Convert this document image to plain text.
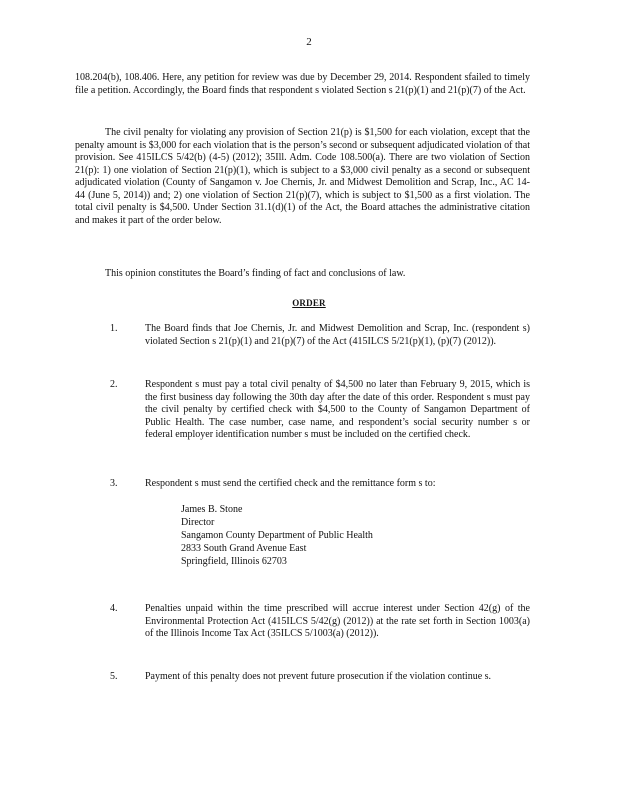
2

108.204(b), 108.406. Here, any petition for review was due by December 29, 2014. Respondent sfailed to timely file a petition. Accordingly, the Board finds that respondent s violated Section s 21(p)(1) and 21(p)(7) of the Act.

The civil penalty for violating any provision of Section 21(p) is $1,500 for each violation, except that the penalty amount is $3,000 for each violation that is the person’s second or subsequent adjudicated violation of that provision. See 415ILCS 5/42(b) (4-5) (2012); 35Ill. Adm. Code 108.500(a). There are two violation of Section 21(p): 1) one violation of Section 21(p)(1), which is subject to a $3,000 civil penalty as a second or subsequent adjudicated violation (County of Sangamon v. Joe Chernis, Jr. and Midwest Demolition and Scrap, Inc., AC 14-44 (June 5, 2014)) and; 2) one violation of Section 21(p)(7), which is subject to $1,500 as a first violation. The total civil penalty is $4,500. Under Section 31.1(d)(1) of the Act, the Board attaches the administrative citation and makes it part of the order below.

This opinion constitutes the Board’s finding of fact and conclusions of law.

ORDER
1.	The Board finds that Joe Chernis, Jr. and Midwest Demolition and Scrap, Inc. (respondent s) violated Section s 21(p)(1) and 21(p)(7) of the Act (415ILCS 5/21(p)(1), (p)(7) (2012)).
2.	Respondent s must pay a total civil penalty of $4,500 no later than February 9, 2015, which is the first business day following the 30th day after the date of this order. Respondent s must pay the civil penalty by certified check with $4,500 to the County of Sangamon Department of Public Health. The case number, case name, and respondent’s social security number s or federal employer identification number s must be included on the certified check.
3.	Respondent s must send the certified check and the remittance form s to:
James B. Stone
Director
Sangamon County Department of Public Health
2833 South Grand Avenue East
Springfield, Illinois 62703
4.	Penalties unpaid within the time prescribed will accrue interest under Section 42(g) of the Environmental Protection Act (415ILCS 5/42(g) (2012)) at the rate set forth in Section 1003(a) of the Illinois Income Tax Act (35ILCS 5/1003(a) (2012)).
5.	Payment of this penalty does not prevent future prosecution if the violation continue s.
